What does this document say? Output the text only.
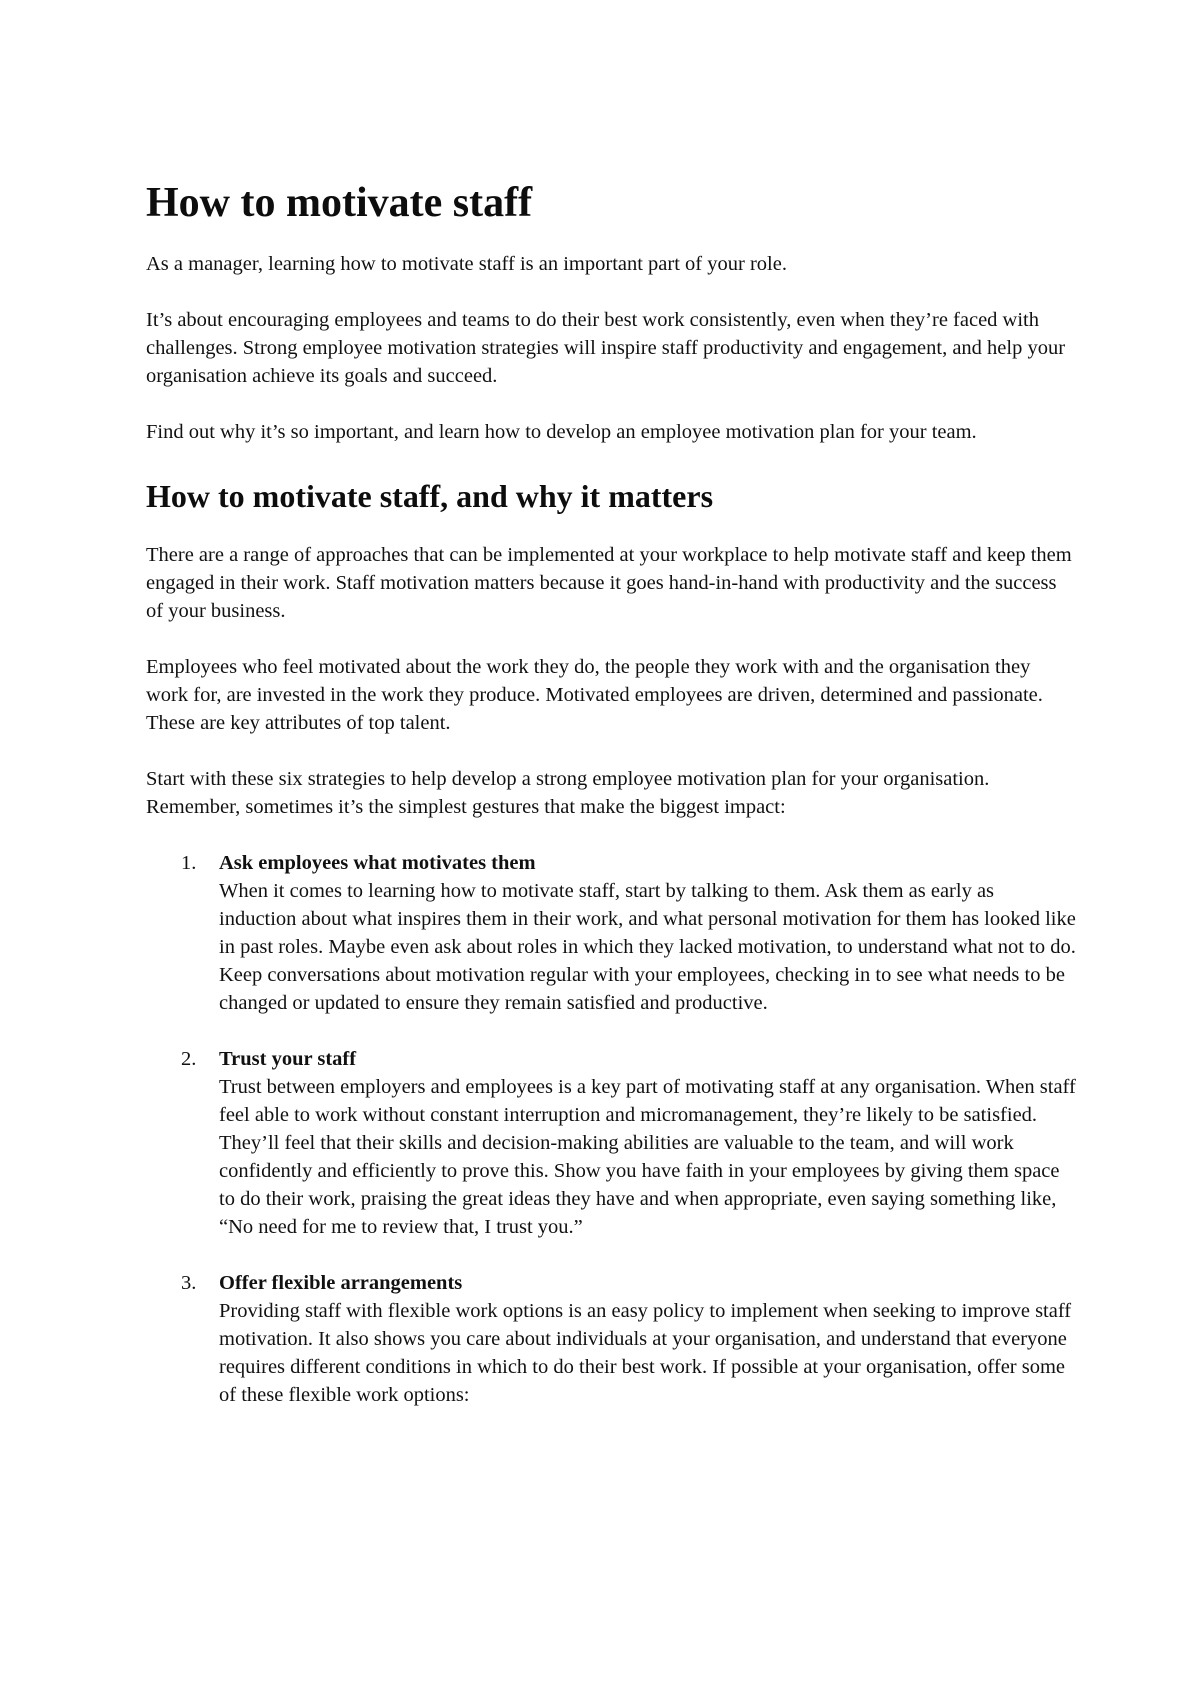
How to motivate staff

As a manager, learning how to motivate staff is an important part of your role.

It’s about encouraging employees and teams to do their best work consistently, even when they’re faced with challenges. Strong employee motivation strategies will inspire staff productivity and engagement, and help your organisation achieve its goals and succeed.

Find out why it’s so important, and learn how to develop an employee motivation plan for your team.

How to motivate staff, and why it matters

There are a range of approaches that can be implemented at your workplace to help motivate staff and keep them engaged in their work. Staff motivation matters because it goes hand-in-hand with productivity and the success of your business.

Employees who feel motivated about the work they do, the people they work with and the organisation they work for, are invested in the work they produce. Motivated employees are driven, determined and passionate. These are key attributes of top talent.

Start with these six strategies to help develop a strong employee motivation plan for your organisation. Remember, sometimes it’s the simplest gestures that make the biggest impact:

1. Ask employees what motivates them
When it comes to learning how to motivate staff, start by talking to them. Ask them as early as induction about what inspires them in their work, and what personal motivation for them has looked like in past roles. Maybe even ask about roles in which they lacked motivation, to understand what not to do. Keep conversations about motivation regular with your employees, checking in to see what needs to be changed or updated to ensure they remain satisfied and productive.
2. Trust your staff
Trust between employers and employees is a key part of motivating staff at any organisation. When staff feel able to work without constant interruption and micromanagement, they’re likely to be satisfied. They’ll feel that their skills and decision-making abilities are valuable to the team, and will work confidently and efficiently to prove this. Show you have faith in your employees by giving them space to do their work, praising the great ideas they have and when appropriate, even saying something like, “No need for me to review that, I trust you.”
3. Offer flexible arrangements
Providing staff with flexible work options is an easy policy to implement when seeking to improve staff motivation. It also shows you care about individuals at your organisation, and understand that everyone requires different conditions in which to do their best work. If possible at your organisation, offer some of these flexible work options:
